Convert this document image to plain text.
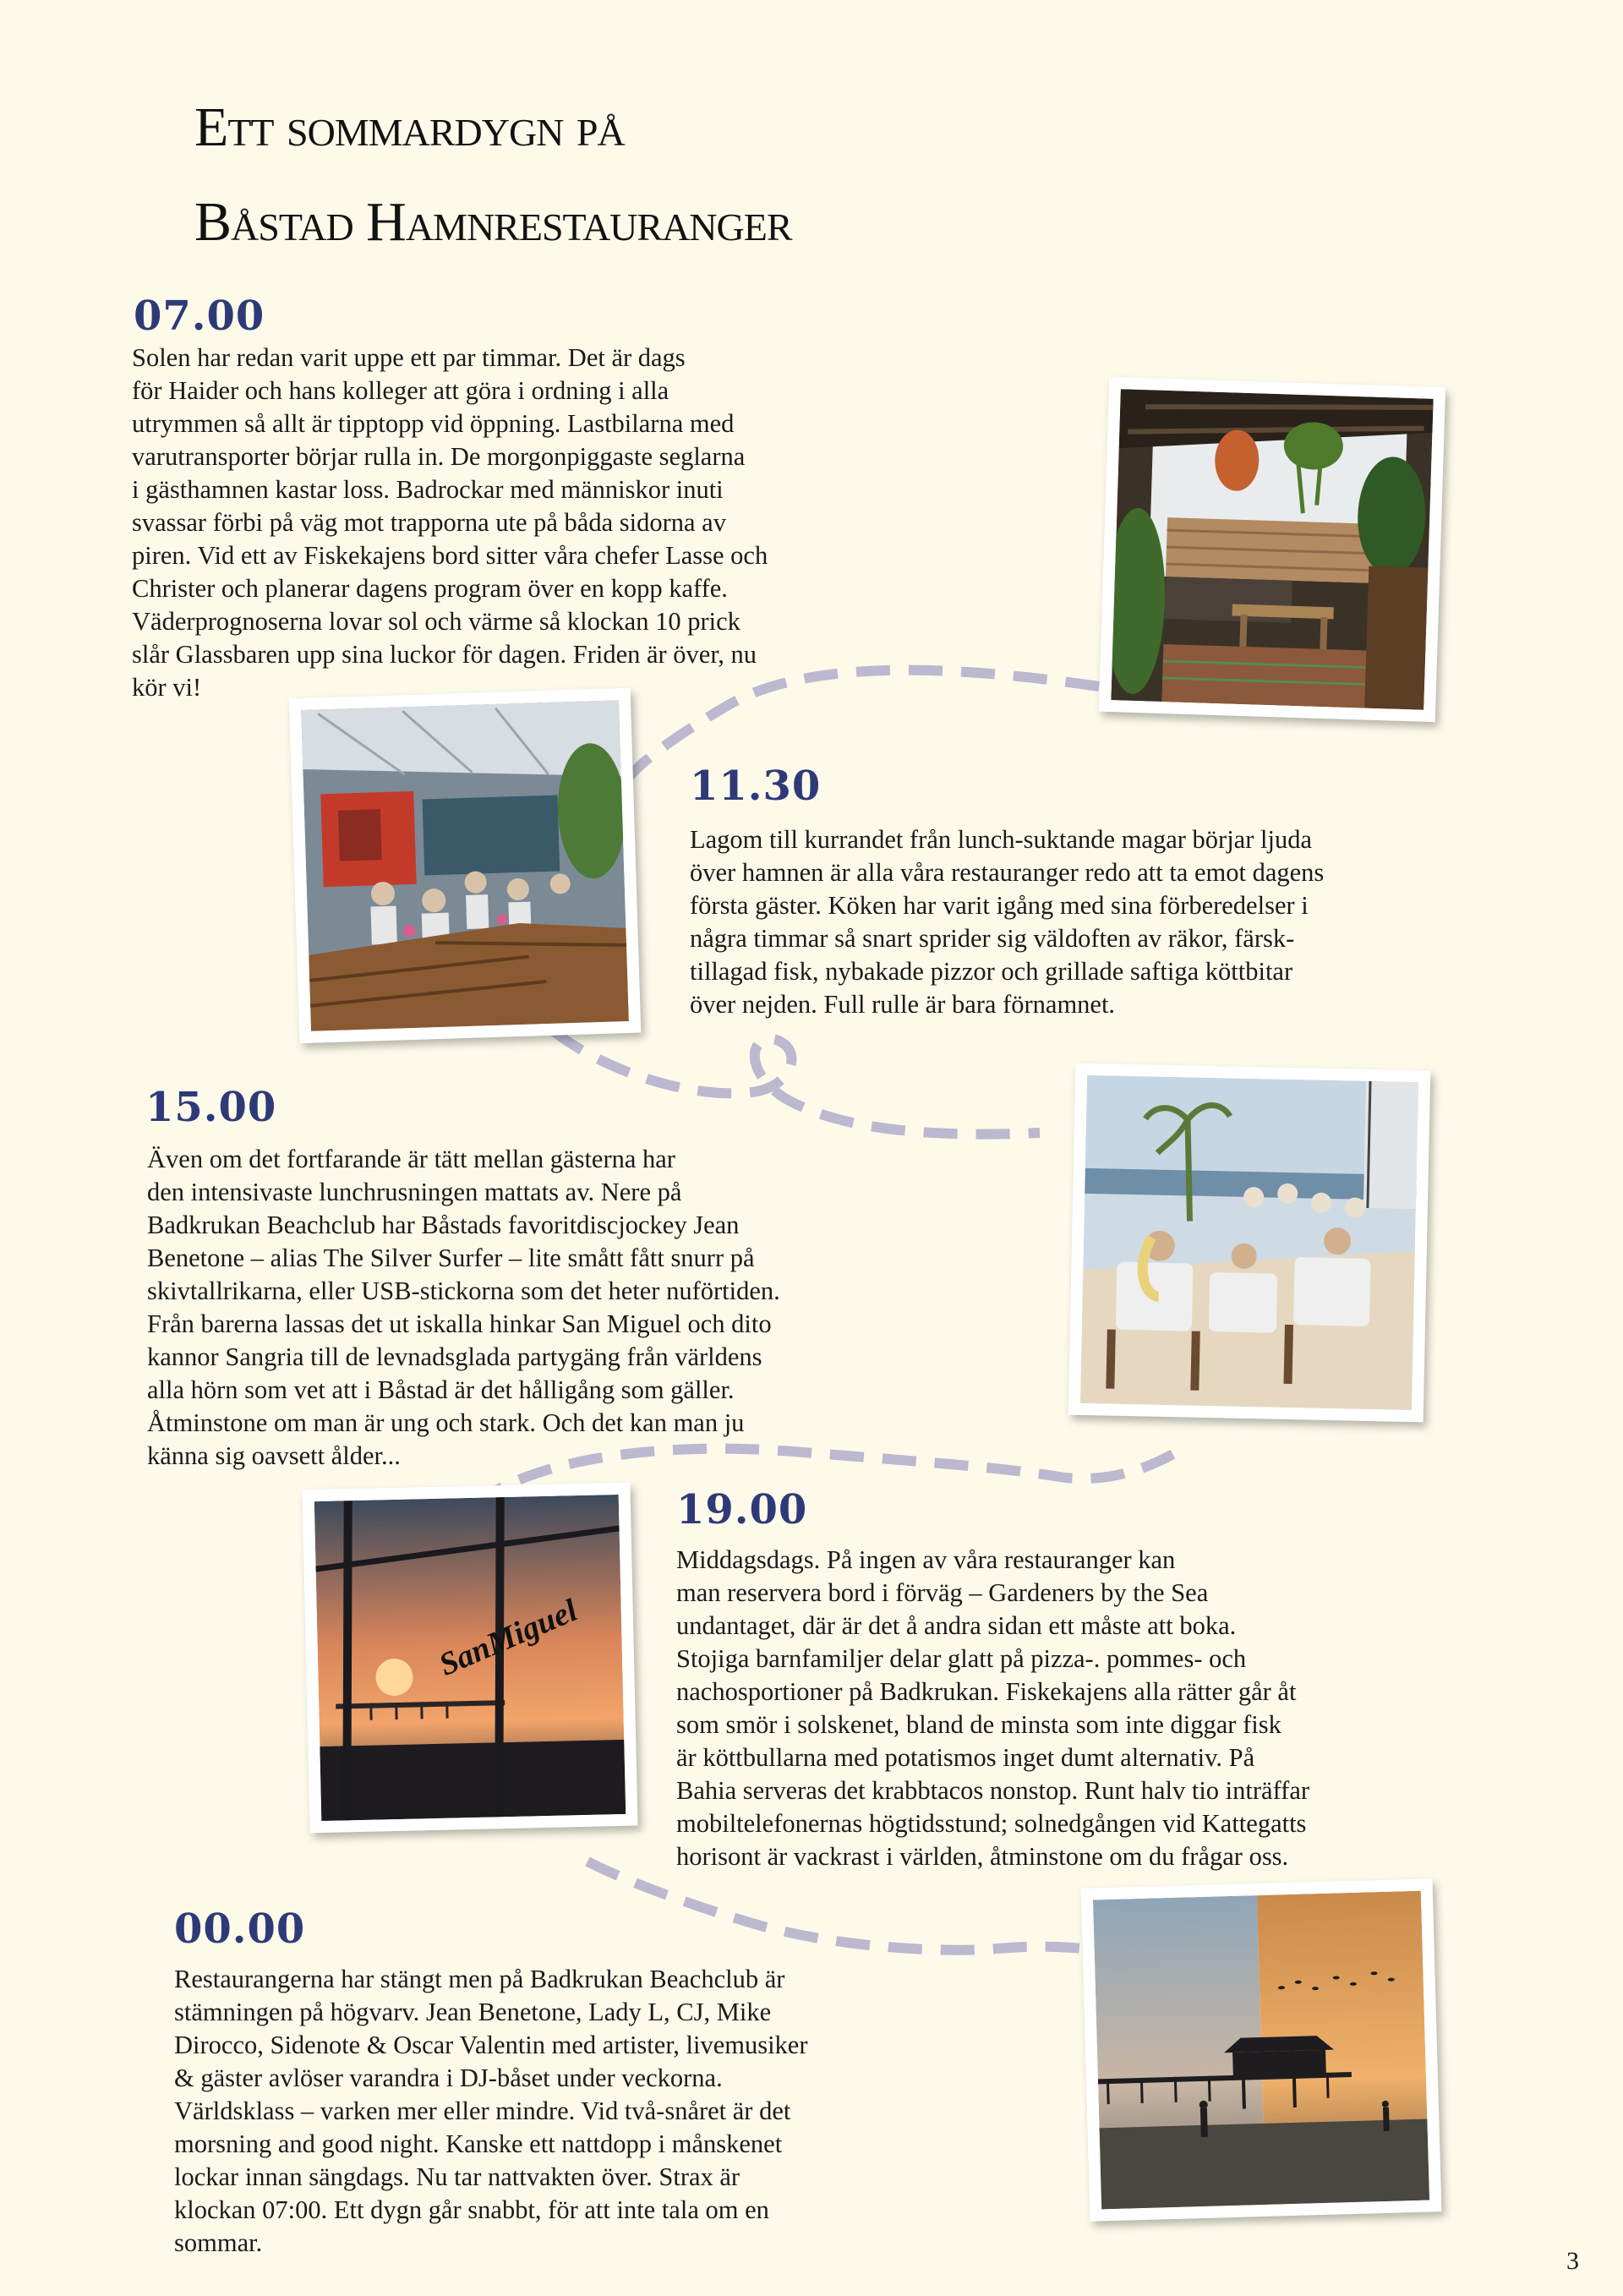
Ett sommardygn på
Båstad Hamnrestauranger
07.00
Solen har redan varit uppe ett par timmar. Det är dags
för Haider och hans kolleger att göra i ordning i alla
utrymmen så allt är tipptopp vid öppning. Lastbilarna med
varutransporter börjar rulla in. De morgonpiggaste seglarna
i gästhamnen kastar loss. Badrockar med människor inuti
svassar förbi på väg mot trapporna ute på båda sidorna av
piren. Vid ett av Fiskekajens bord sitter våra chefer Lasse och
Christer och planerar dagens program över en kopp kaffe.
Väderprognoserna lovar sol och värme så klockan 10 prick
slår Glassbaren upp sina luckor för dagen. Friden är över, nu
kör vi!
11.30
Lagom till kurrandet från lunch-suktande magar börjar ljuda
över hamnen är alla våra restauranger redo att ta emot dagens
första gäster. Köken har varit igång med sina förberedelser i
några timmar så snart sprider sig väldoften av räkor, färsk-
tillagad fisk, nybakade pizzor och grillade saftiga köttbitar
över nejden. Full rulle är bara förnamnet.
15.00
Även om det fortfarande är tätt mellan gästerna har
den intensivaste lunchrusningen mattats av. Nere på
Badkrukan Beachclub har Båstads favoritdiscjockey Jean
Benetone – alias The Silver Surfer – lite smått fått snurr på
skivtallrikarna, eller USB-stickorna som det heter nuförtiden.
Från barerna lassas det ut iskalla hinkar San Miguel och dito
kannor Sangria till de levnadsglada partygäng från världens
alla hörn som vet att i Båstad är det hålligång som gäller.
Åtminstone om man är ung och stark. Och det kan man ju
känna sig oavsett ålder...
SanMiguel
19.00
Middagsdags. På ingen av våra restauranger kan
man reservera bord i förväg – Gardeners by the Sea
undantaget, där är det å andra sidan ett måste att boka.
Stojiga barnfamiljer delar glatt på pizza-. pommes- och
nachosportioner på Badkrukan. Fiskekajens alla rätter går åt
som smör i solskenet, bland de minsta som inte diggar fisk
är köttbullarna med potatismos inget dumt alternativ. På
Bahia serveras det krabbtacos nonstop. Runt halv tio inträffar
mobiltelefonernas högtidsstund; solnedgången vid Kattegatts
horisont är vackrast i världen, åtminstone om du frågar oss.
00.00
Restaurangerna har stängt men på Badkrukan Beachclub är
stämningen på högvarv. Jean Benetone, Lady L, CJ, Mike
Dirocco, Sidenote & Oscar Valentin med artister, livemusiker
& gäster avlöser varandra i DJ-båset under veckorna.
Världsklass – varken mer eller mindre. Vid två-snåret är det
morsning and good night. Kanske ett nattdopp i månskenet
lockar innan sängdags. Nu tar nattvakten över. Strax är
klockan 07:00. Ett dygn går snabbt, för att inte tala om en
sommar.
3
